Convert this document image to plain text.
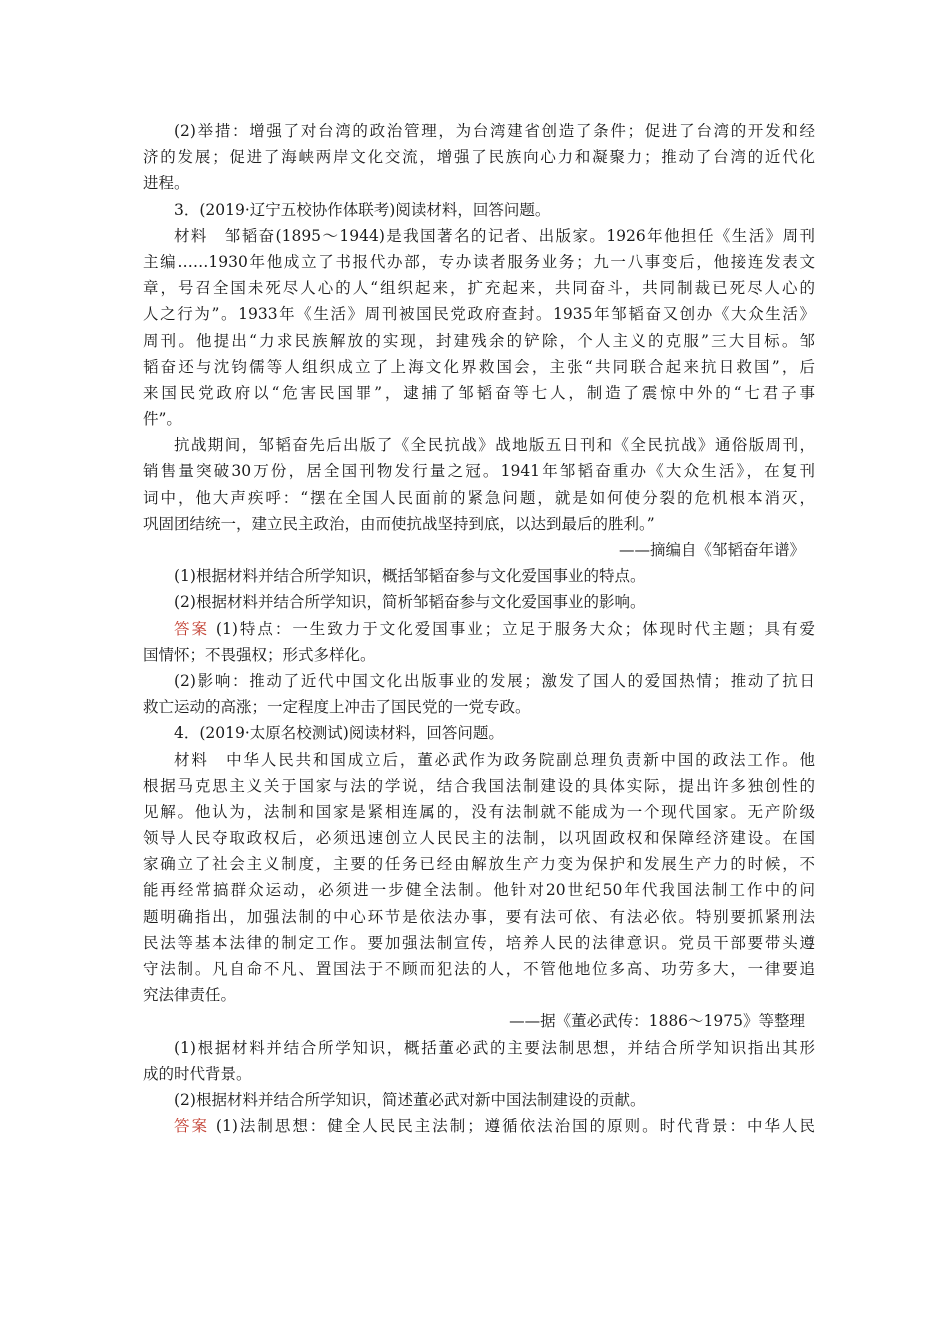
(2)举措：增强了对台湾的政治管理，为台湾建省创造了条件；促进了台湾的开发和经
济的发展；促进了海峡两岸文化交流，增强了民族向心力和凝聚力；推动了台湾的近代化
进程。
3．(2019·辽宁五校协作体联考)阅读材料，回答问题。
材料　邹韬奋(1895～1944)是我国著名的记者、出版家。1926年他担任《生活》周刊
主编……1930年他成立了书报代办部，专办读者服务业务；九一八事变后，他接连发表文
章，号召全国未死尽人心的人“组织起来，扩充起来，共同奋斗，共同制裁已死尽人心的
人之行为”。1933年《生活》周刊被国民党政府查封。1935年邹韬奋又创办《大众生活》
周刊。他提出“力求民族解放的实现，封建残余的铲除，个人主义的克服”三大目标。邹
韬奋还与沈钧儒等人组织成立了上海文化界救国会，主张“共同联合起来抗日救国”，后
来国民党政府以“危害民国罪”，逮捕了邹韬奋等七人，制造了震惊中外的“七君子事
件”。
抗战期间，邹韬奋先后出版了《全民抗战》战地版五日刊和《全民抗战》通俗版周刊，
销售量突破30万份，居全国刊物发行量之冠。1941年邹韬奋重办《大众生活》，在复刊
词中，他大声疾呼：“摆在全国人民面前的紧急问题，就是如何使分裂的危机根本消灭，
巩固团结统一，建立民主政治，由而使抗战坚持到底，以达到最后的胜利。”
——摘编自《邹韬奋年谱》
(1)根据材料并结合所学知识，概括邹韬奋参与文化爱国事业的特点。
(2)根据材料并结合所学知识，简析邹韬奋参与文化爱国事业的影响。
答案 (1)特点：一生致力于文化爱国事业；立足于服务大众；体现时代主题；具有爱
国情怀；不畏强权；形式多样化。
(2)影响：推动了近代中国文化出版事业的发展；激发了国人的爱国热情；推动了抗日
救亡运动的高涨；一定程度上冲击了国民党的一党专政。
4．(2019·太原名校测试)阅读材料，回答问题。
材料　中华人民共和国成立后，董必武作为政务院副总理负责新中国的政法工作。他
根据马克思主义关于国家与法的学说，结合我国法制建设的具体实际，提出许多独创性的
见解。他认为，法制和国家是紧相连属的，没有法制就不能成为一个现代国家。无产阶级
领导人民夺取政权后，必须迅速创立人民民主的法制，以巩固政权和保障经济建设。在国
家确立了社会主义制度，主要的任务已经由解放生产力变为保护和发展生产力的时候，不
能再经常搞群众运动，必须进一步健全法制。他针对20世纪50年代我国法制工作中的问
题明确指出，加强法制的中心环节是依法办事，要有法可依、有法必依。特别要抓紧刑法
民法等基本法律的制定工作。要加强法制宣传，培养人民的法律意识。党员干部要带头遵
守法制。凡自命不凡、置国法于不顾而犯法的人，不管他地位多高、功劳多大，一律要追
究法律责任。
——据《董必武传：1886～1975》等整理
(1)根据材料并结合所学知识，概括董必武的主要法制思想，并结合所学知识指出其形
成的时代背景。
(2)根据材料并结合所学知识，简述董必武对新中国法制建设的贡献。
答案 (1)法制思想：健全人民民主法制；遵循依法治国的原则。时代背景：中华人民
